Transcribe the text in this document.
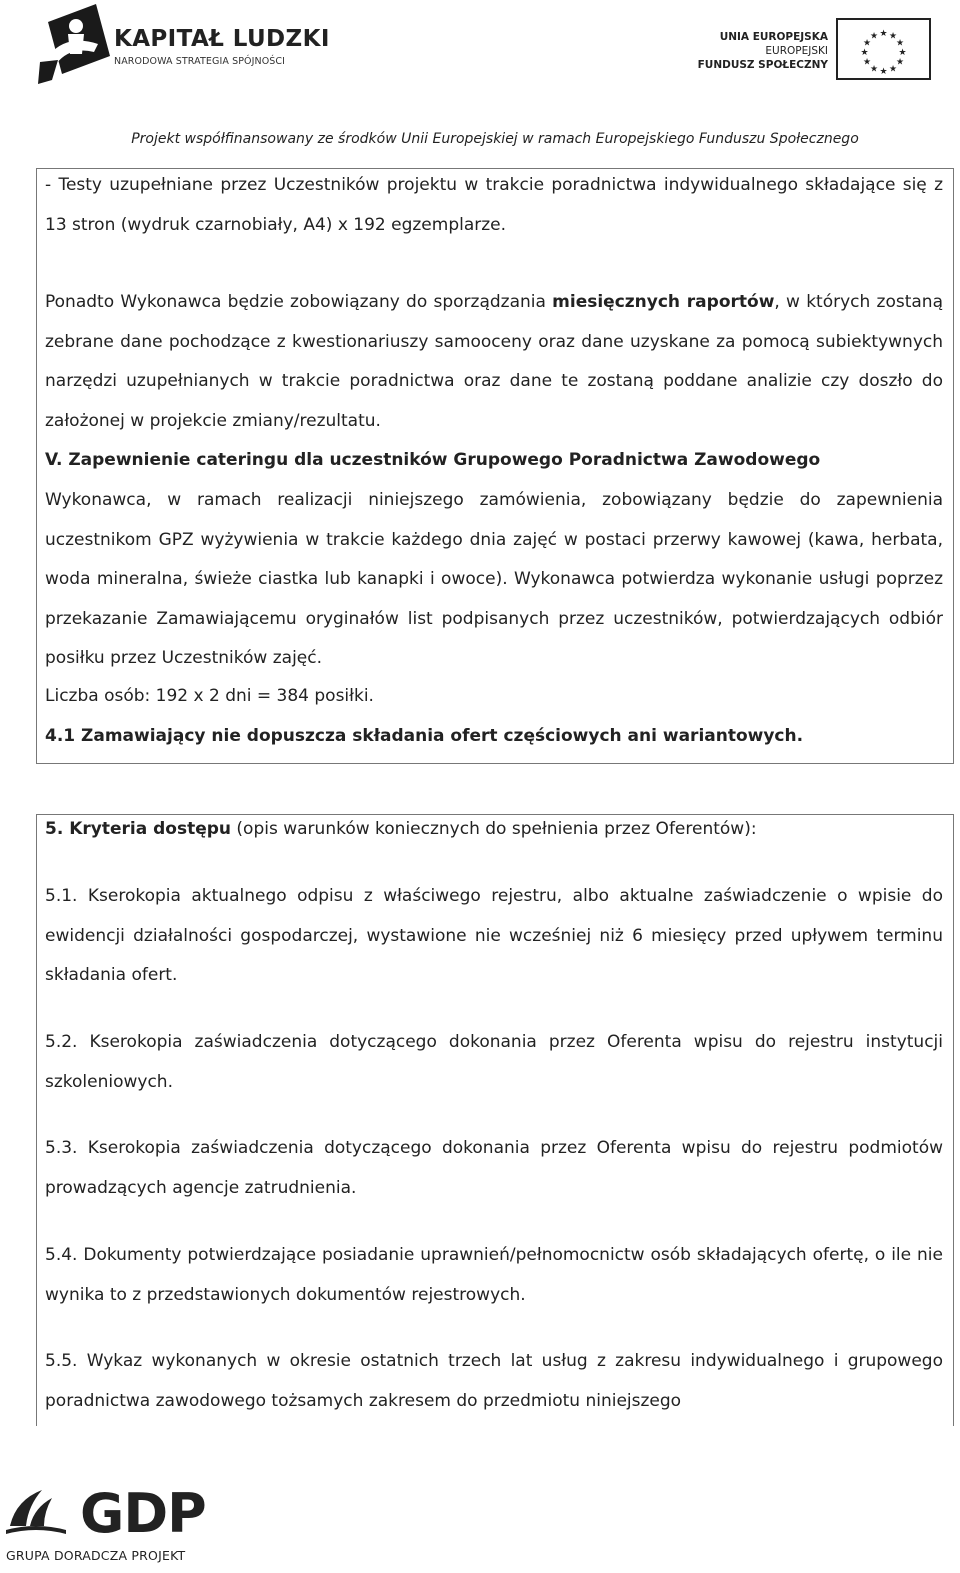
KAPITAŁ LUDZKI
NARODOWA STRATEGIA SPÓJNOŚCI
UNIA EUROPEJSKA
EUROPEJSKI
FUNDUSZ SPOŁECZNY
★ ★
★
★
★
★
★
★
★
★
★
★
Projekt współfinansowany ze środków Unii Europejskiej w ramach Europejskiego Funduszu Społecznego

- Testy uzupełniane przez Uczestników projektu w trakcie poradnictwa indywidualnego składające się z 13 stron (wydruk czarnobiały, A4) x 192 egzemplarze.

Ponadto Wykonawca będzie zobowiązany do sporządzania miesięcznych raportów, w których zostaną zebrane dane pochodzące z kwestionariuszy samooceny oraz dane uzyskane za pomocą subiektywnych narzędzi uzupełnianych w trakcie poradnictwa oraz dane te zostaną poddane analizie czy doszło do założonej w projekcie zmiany/rezultatu.

V. Zapewnienie cateringu dla uczestników Grupowego Poradnictwa Zawodowego

Wykonawca, w ramach realizacji niniejszego zamówienia, zobowiązany będzie do zapewnienia uczestnikom GPZ wyżywienia w trakcie każdego dnia zajęć w postaci przerwy kawowej (kawa, herbata, woda mineralna, świeże ciastka lub kanapki i owoce). Wykonawca potwierdza wykonanie usługi poprzez przekazanie Zamawiającemu oryginałów list podpisanych przez uczestników, potwierdzających odbiór posiłku przez Uczestników zajęć.

Liczba osób: 192 x 2 dni = 384 posiłki.

4.1 Zamawiający nie dopuszcza składania ofert częściowych ani wariantowych.

5. Kryteria dostępu (opis warunków koniecznych do spełnienia przez Oferentów):

5.1. Kserokopia aktualnego odpisu z właściwego rejestru, albo aktualne zaświadczenie o wpisie do ewidencji działalności gospodarczej, wystawione nie wcześniej niż 6 miesięcy przed upływem terminu składania ofert.

5.2. Kserokopia zaświadczenia dotyczącego dokonania przez Oferenta wpisu do rejestru instytucji szkoleniowych.

5.3. Kserokopia zaświadczenia dotyczącego dokonania przez Oferenta wpisu do rejestru podmiotów prowadzących agencje zatrudnienia.

5.4. Dokumenty potwierdzające posiadanie uprawnień/pełnomocnictw osób składających ofertę, o ile nie wynika to z przedstawionych dokumentów rejestrowych.

5.5. Wykaz wykonanych w okresie ostatnich trzech lat usług z zakresu indywidualnego i grupowego poradnictwa zawodowego tożsamych zakresem do przedmiotu niniejszego

GDP
GRUPA DORADCZA PROJEKT
